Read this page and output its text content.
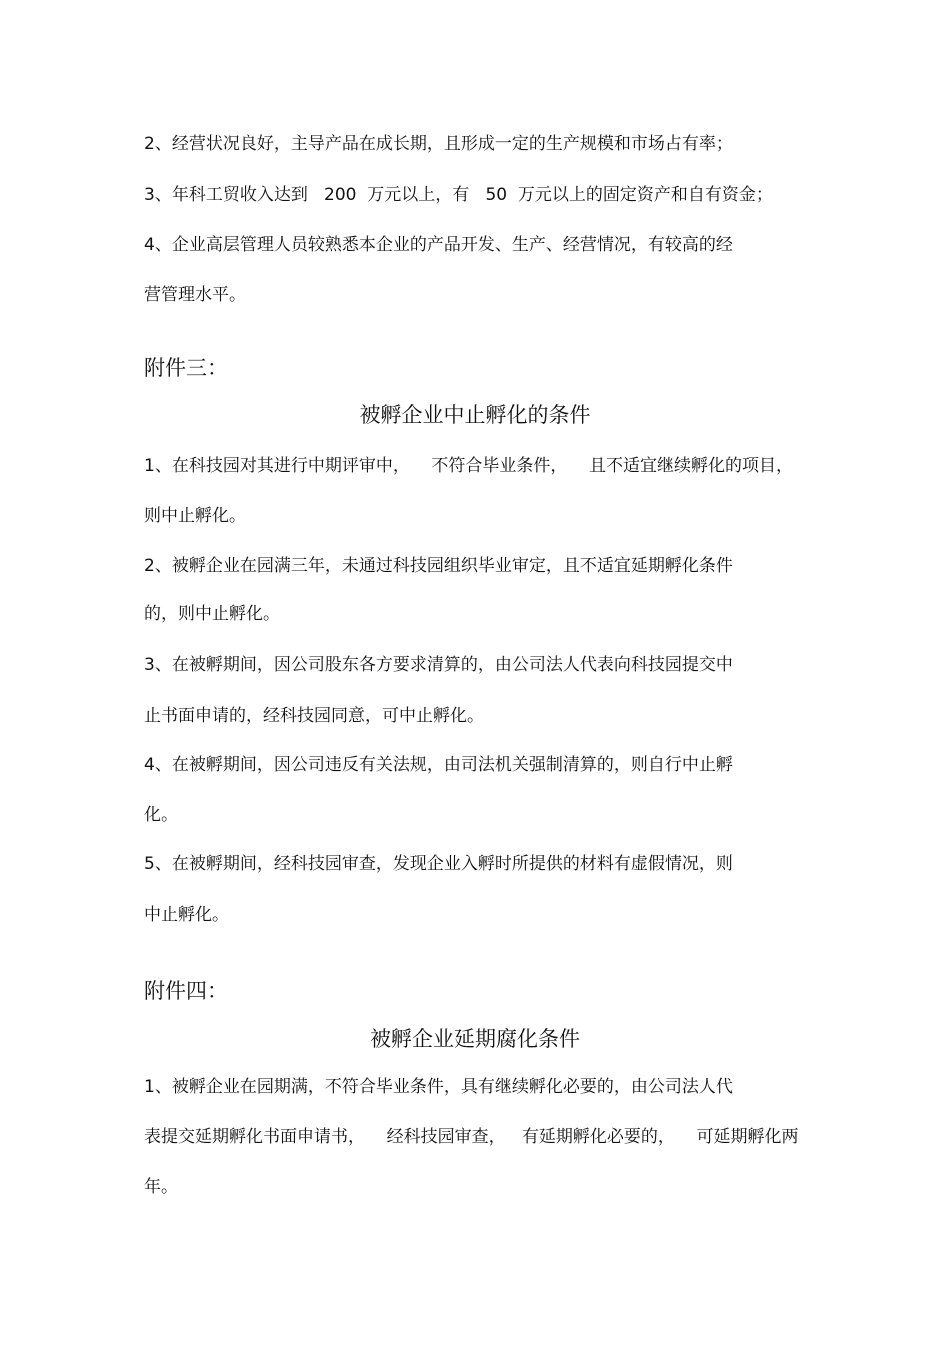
2、经营状况良好，主导产品在成长期，且形成一定的生产规模和市场占有率；
3、年科工贸收入达到   200  万元以上，有   50  万元以上的固定资产和自有资金；
4、企业高层管理人员较熟悉本企业的产品开发、生产、经营情况，有较高的经
营管理水平。
附件三：
被孵企业中止孵化的条件
1、在科技园对其进行中期评审中，    不符合毕业条件，    且不适宜继续孵化的项目，
则中止孵化。
2、被孵企业在园满三年，未通过科技园组织毕业审定，且不适宜延期孵化条件
的，则中止孵化。
3、在被孵期间，因公司股东各方要求清算的，由公司法人代表向科技园提交中
止书面申请的，经科技园同意，可中止孵化。
4、在被孵期间，因公司违反有关法规，由司法机关强制清算的，则自行中止孵
化。
5、在被孵期间，经科技园审查，发现企业入孵时所提供的材料有虚假情况，则
中止孵化。
附件四：
被孵企业延期腐化条件
1、被孵企业在园期满，不符合毕业条件，具有继续孵化必要的，由公司法人代
表提交延期孵化书面申请书，    经科技园审查，   有延期孵化必要的，    可延期孵化两
年。
